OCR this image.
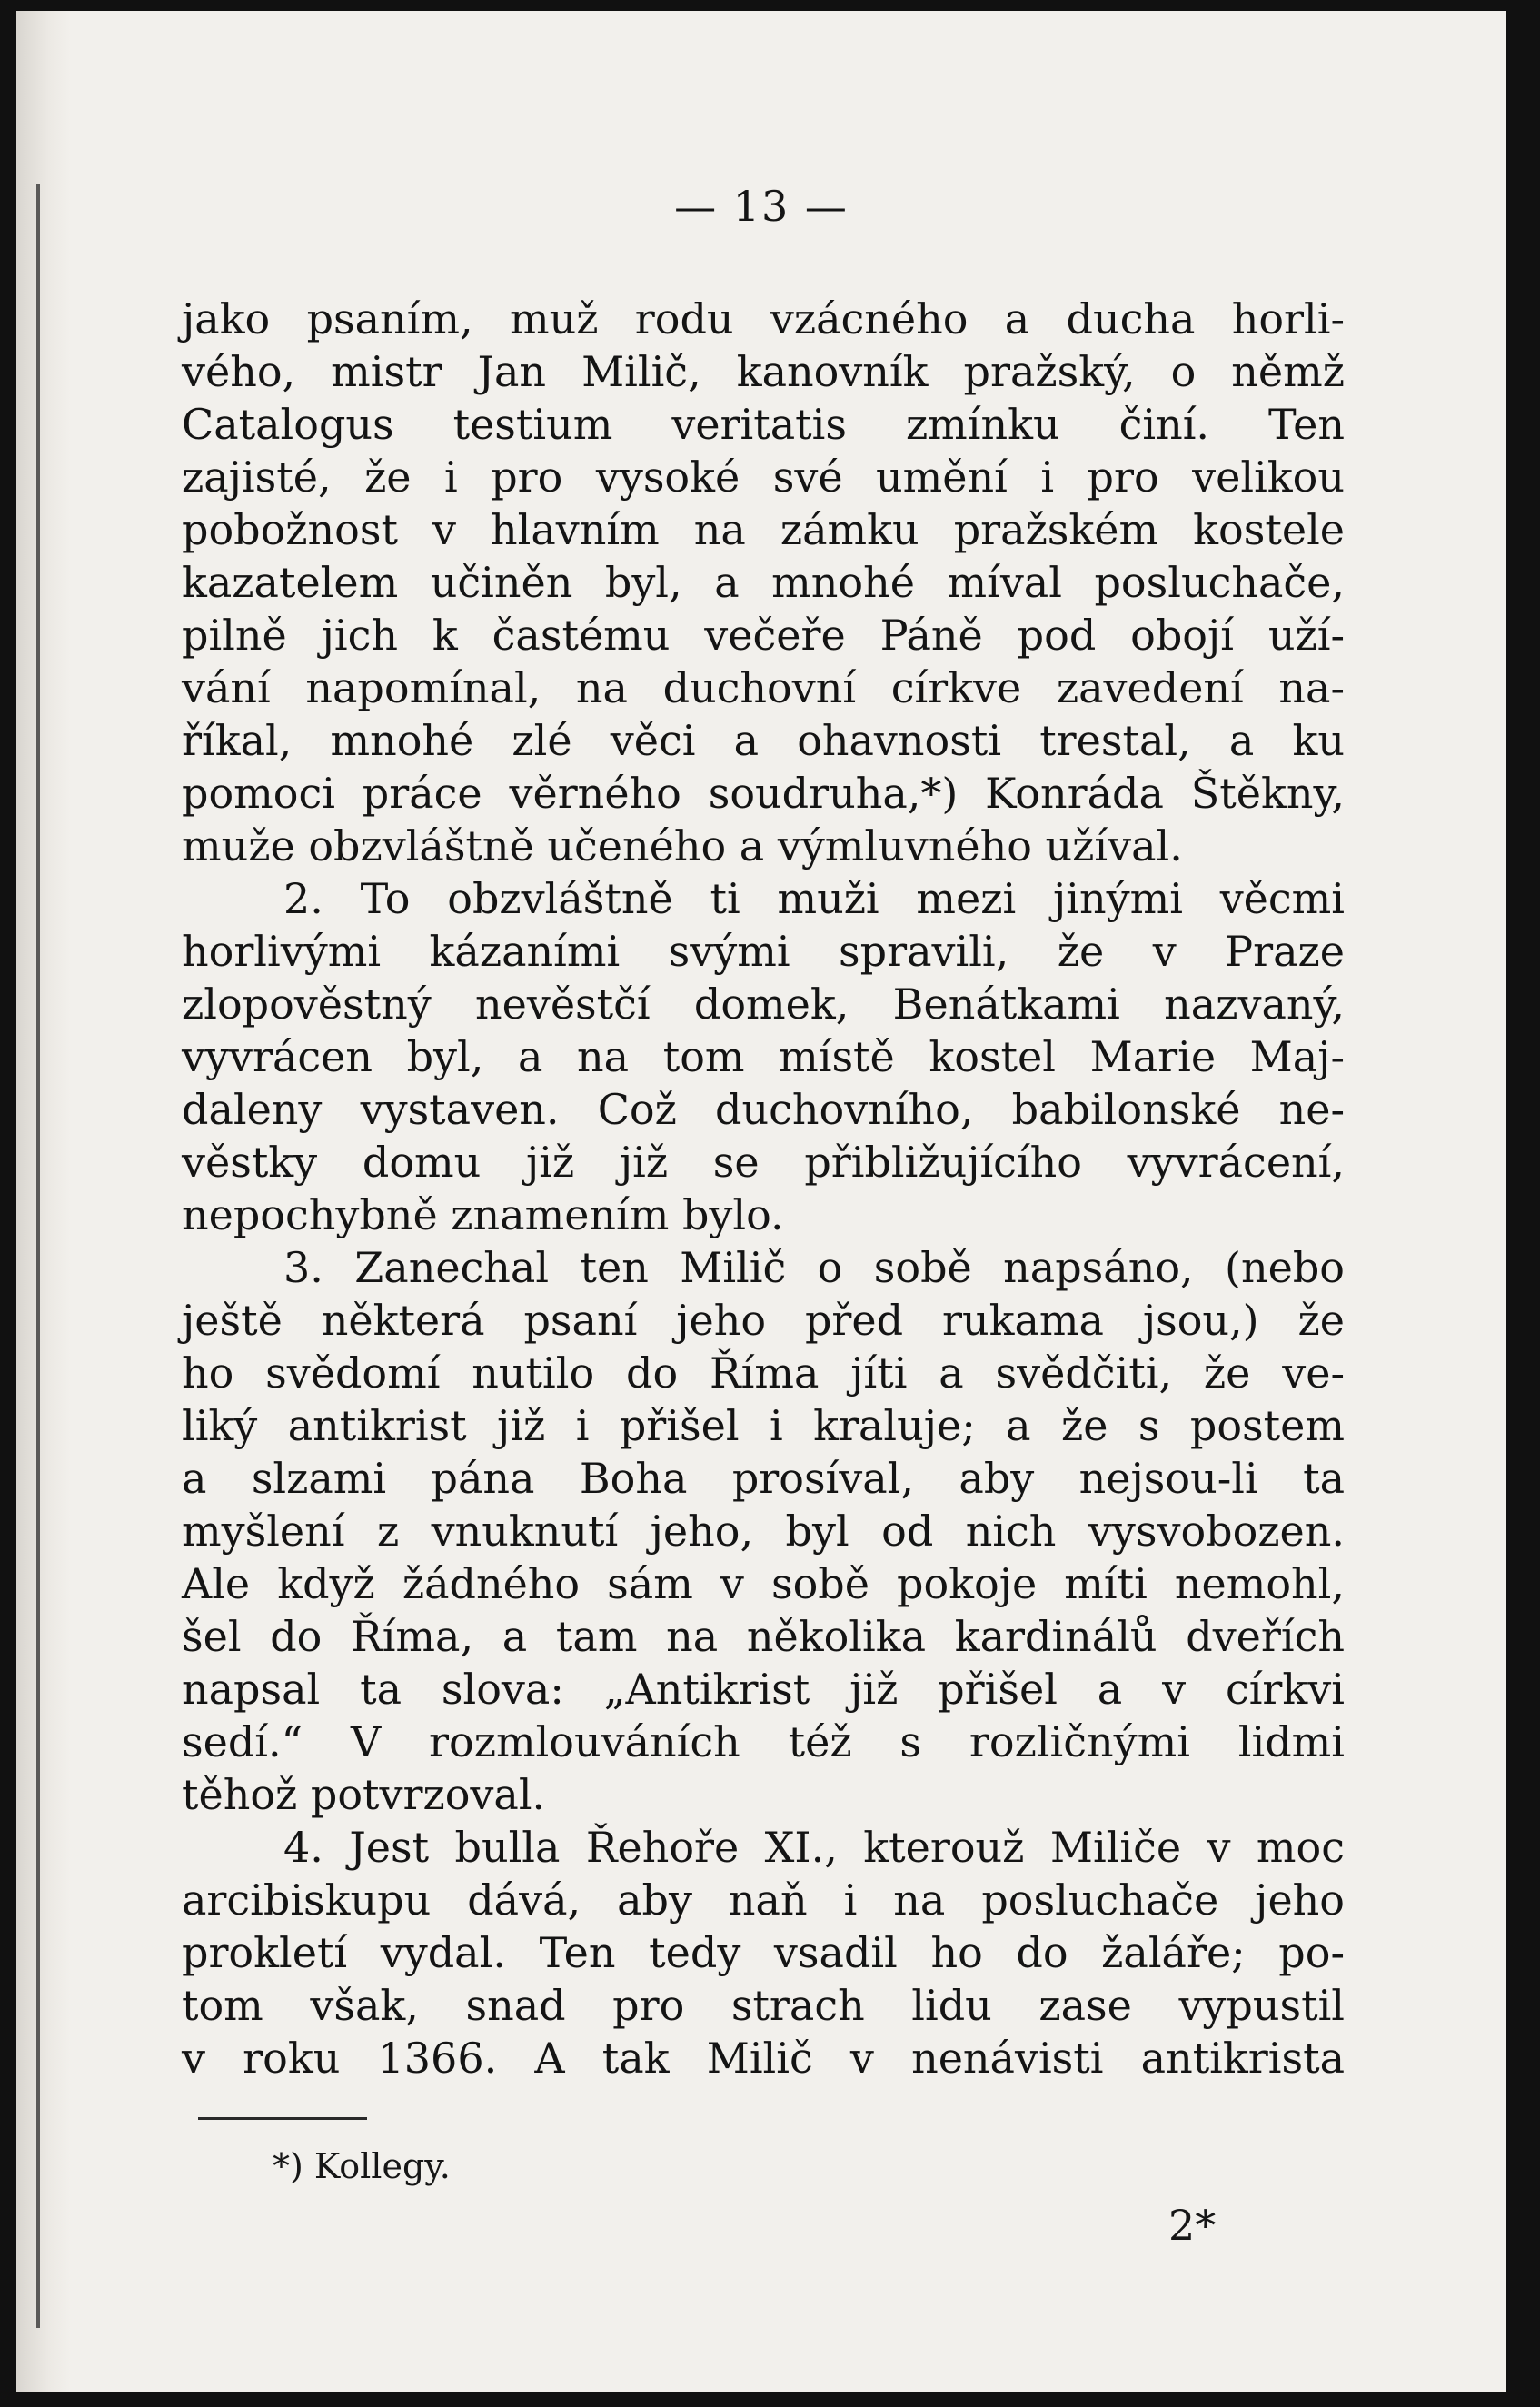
— 13 —
jako psaním, muž rodu vzácného a ducha horli-
vého, mistr Jan Milič, kanovník pražský, o němž
Catalogus testium veritatis zmínku činí. Ten
zajisté, že i pro vysoké své umění i pro velikou
pobožnost v hlavním na zámku pražském kostele
kazatelem učiněn byl, a mnohé míval posluchače,
pilně jich k častému večeře Páně pod obojí uží-
vání napomínal, na duchovní církve zavedení na-
říkal, mnohé zlé věci a ohavnosti trestal, a ku
pomoci práce věrného soudruha,*) Konráda Štěkny,
muže obzvláštně učeného a výmluvného užíval.
2. To obzvláštně ti muži mezi jinými věcmi
horlivými kázaními svými spravili, že v Praze
zlopověstný nevěstčí domek, Benátkami nazvaný,
vyvrácen byl, a na tom místě kostel Marie Maj-
daleny vystaven. Což duchovního, babilonské ne-
věstky domu již již se přibližujícího vyvrácení,
nepochybně znamením bylo.
3. Zanechal ten Milič o sobě napsáno, (nebo
ještě některá psaní jeho před rukama jsou,) že
ho svědomí nutilo do Říma jíti a svědčiti, že ve-
liký antikrist již i přišel i kraluje; a že s postem
a slzami pána Boha prosíval, aby nejsou-li ta
myšlení z vnuknutí jeho, byl od nich vysvobozen.
Ale když žádného sám v sobě pokoje míti nemohl,
šel do Říma, a tam na několika kardinálů dveřích
napsal ta slova: „Antikrist již přišel a v církvi
sedí.“ V rozmlouváních též s rozličnými lidmi
těhož potvrzoval.
4. Jest bulla Řehoře XI., kterouž Miliče v moc
arcibiskupu dává, aby naň i na posluchače jeho
prokletí vydal. Ten tedy vsadil ho do žaláře; po-
tom však, snad pro strach lidu zase vypustil
v roku 1366. A tak Milič v nenávisti antikrista
*) Kollegy.
2*
